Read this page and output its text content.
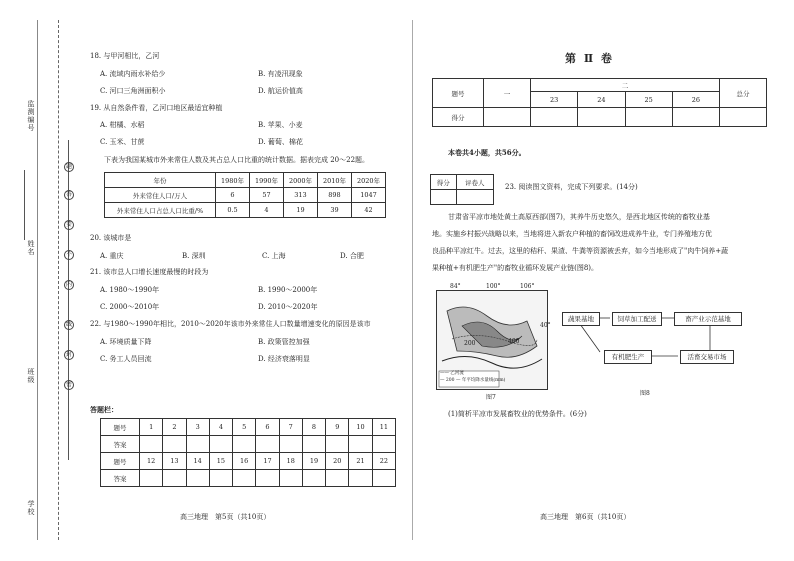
监测编号
姓名
班级
学校
题
答
要
不
内
线
封
密
18. 与甲河相比，乙河
A. 流域内雨水补给少	B. 有凌汛现象
C. 河口三角洲面积小	D. 航运价值高
19. 从自然条件看，乙河口地区最适宜种植
A. 柑橘、水稻	B. 苹果、小麦
C. 玉米、甘蔗	D. 葡萄、棉花
下表为我国某城市外来常住人数及其占总人口比重的统计数据。据表完成 20～22题。
年份	1980年	1990年	2000年	2010年	2020年
外来常住人口/万人	6	57	313	898	1047
外来常住人口占总人口比重/%	0.5	4	19	39	42
20. 该城市是
A. 重庆	B. 深圳	C. 上海	D. 合肥
21. 该市总人口增长速度最慢的时段为
A. 1980～1990年	B. 1990～2000年
C. 2000～2010年	D. 2010～2020年
22. 与1980～1990年相比，2010～2020年该市外来常住人口数量增速变化的原因是该市
A. 环境质量下降	B. 政策管控加强
C. 务工人员回流	D. 经济衰落明显
答题栏：
题号	1	2	3	4	5	6	7	8	9	10	11
答案											
题号	12	13	14	15	16	17	18	19	20	21	22
答案											
高三地理　第5页（共10页）
第 Ⅱ 卷
题号	一	二				总分
		23	24	25	26	
得分						
本卷共4小题，共56分。
得分	评卷人

23. 阅读图文资料，完成下列要求。(14分)
甘肃省平凉市地处黄土高原西部(图7)，其养牛历史悠久，是西北地区传统的畜牧业基
地。实施乡村振兴战略以来，当地将进入新农户种植的畜饲改进成养牛业，专门养殖地方优
良品种平凉红牛。过去，这里的秸秆、果渣、牛粪等资源被丢弃，如今当地形成了"肉牛饲养+蔬
果种植+有机肥生产"的畜牧业循环发展产业链(图8)。
84°	100°	106°
40°
200	400
—— 乙河流
— 200 — 年平均降水量线(mm)
图7
蔬果基地	饲草加工配送	畜产业示范基地
有机肥生产	活畜交易市场
图8
(1)简析平凉市发展畜牧业的优势条件。(6分)
高三地理　第6页（共10页）
